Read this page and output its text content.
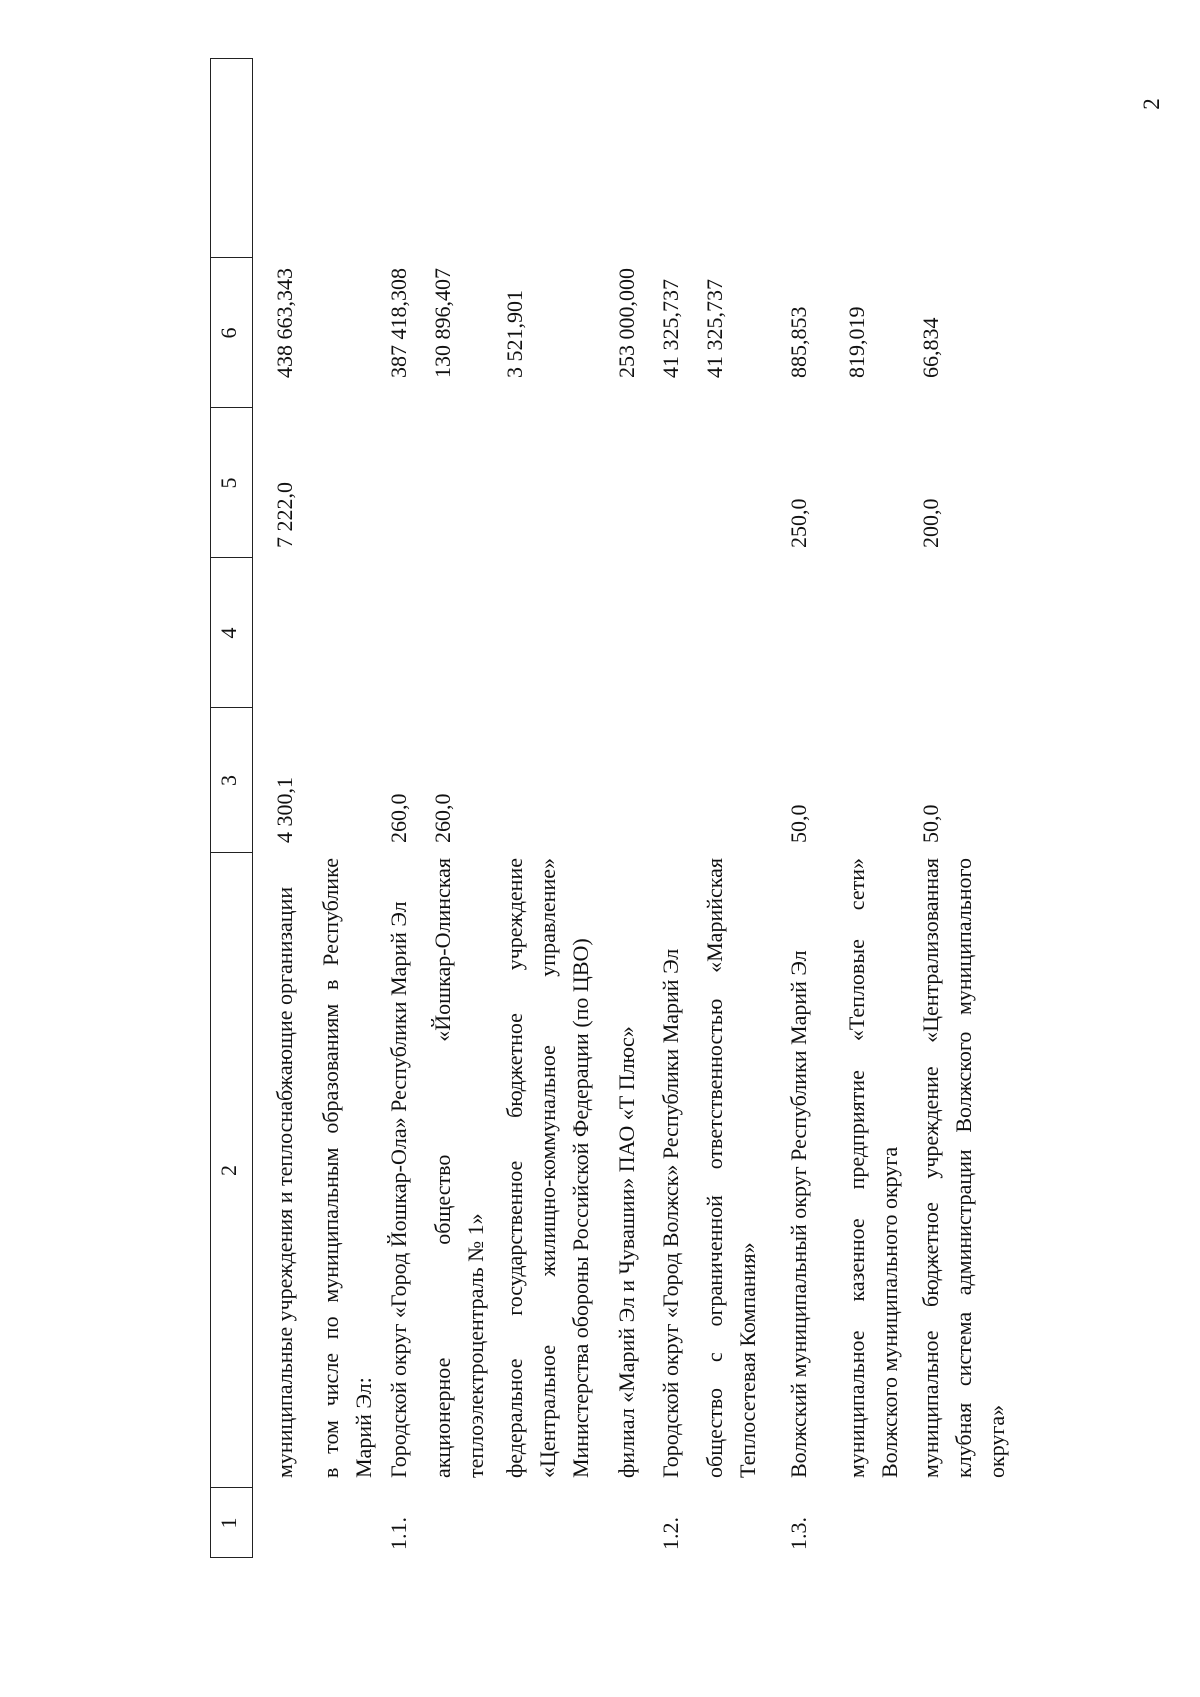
2
1
2
3
4
5
6
муниципальные учреждения и теплоснабжающие организации
4 300,1
7 222,0
438 663,343
в том числе по муниципальным образованиям в Республике Марий Эл:
1.1.
Городской округ «Город Йошкар-Ола» Республики Марий Эл
260,0
387 418,308
акционерное общество «Йошкар-Олинская теплоэлектроцентраль № 1»
260,0
130 896,407
федеральное государственное бюджетное учреждение «Центральное жилищно-коммунальное управление» Министерства обороны Российской Федерации (по ЦВО)
3 521,901
филиал «Марий Эл и Чувашии» ПАО «Т Плюс»
253 000,000
1.2.
Городской округ «Город Волжск» Республики Марий Эл
41 325,737
общество с ограниченной ответственностью «Марийская Теплосетевая Компания»
41 325,737
1.3.
Волжский муниципальный округ Республики Марий Эл
50,0
250,0
885,853
муниципальное казенное предприятие «Тепловые сети» Волжского муниципального округа
819,019
муниципальное бюджетное учреждение «Централизованная клубная система администрации Волжского муниципального округа»
50,0
200,0
66,834
